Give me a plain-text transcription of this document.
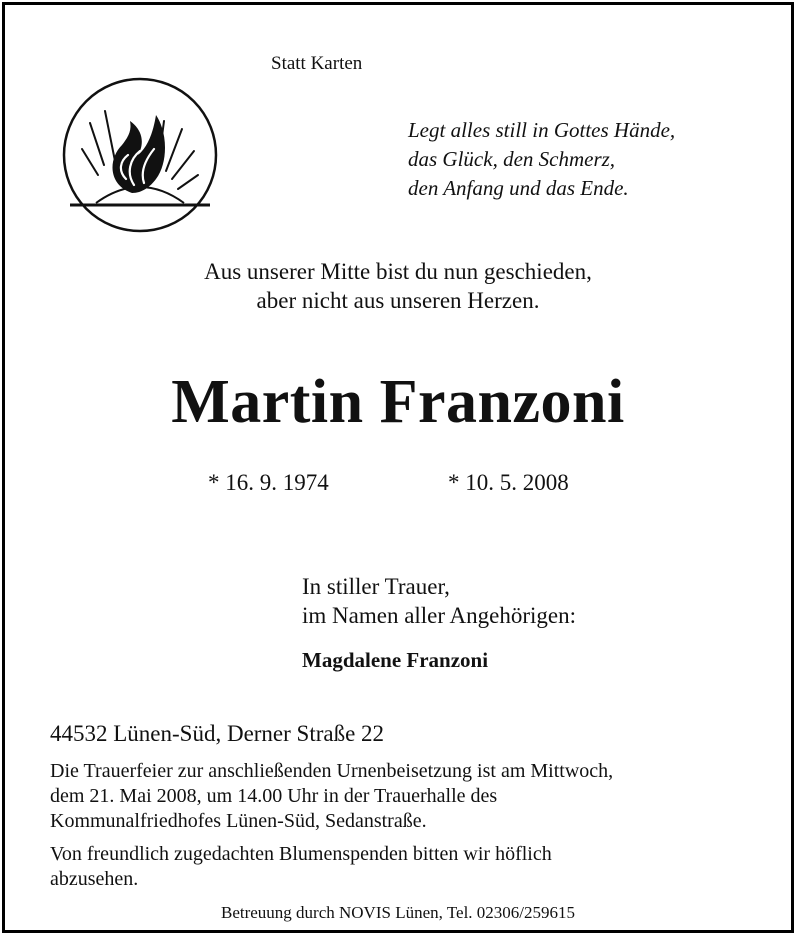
Statt Karten
Legt alles still in Gottes Hände,
das Glück, den Schmerz,
den Anfang und das Ende.
Aus unserer Mitte bist du nun geschieden,
aber nicht aus unseren Herzen.
Martin Franzoni
* 16. 9. 1974	* 10. 5. 2008
In stiller Trauer,
im Namen aller Angehörigen:
Magdalene Franzoni
44532 Lünen-Süd, Derner Straße 22
Die Trauerfeier zur anschließenden Urnenbeisetzung ist am Mittwoch,
dem 21. Mai 2008, um 14.00 Uhr in der Trauerhalle des
Kommunalfriedhofes Lünen-Süd, Sedanstraße.
Von freundlich zugedachten Blumenspenden bitten wir höflich
abzusehen.
Betreuung durch NOVIS Lünen, Tel. 02306/259615
